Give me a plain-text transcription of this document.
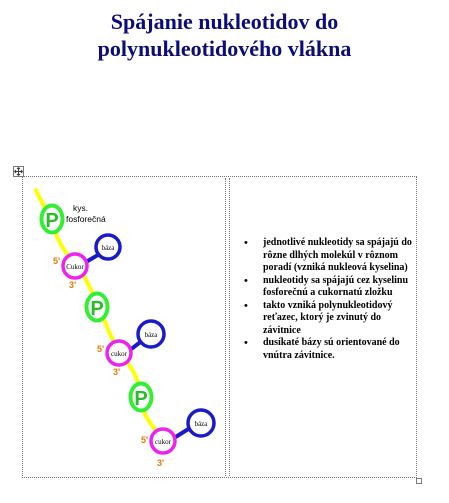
Spájanie nukleotidov do
polynukleotidového vlákna
P
P
P
kys.
fosforečná
Cukor
cukor
cukor
báza
báza
báza
5'
3'
5'
3'
5'
3'
• jednotlivé nukleotidy sa spájajú do rôzne dlhých molekúl v rôznom poradí (vzniká nukleová kyselina)
• nukleotidy sa spájajú cez kyselinu fosforečnú a cukornatú zložku
• takto vzniká polynukleotidový reťazec, ktorý je zvinutý do závitnice
• dusíkaté bázy sú orientované do vnútra závitnice.
